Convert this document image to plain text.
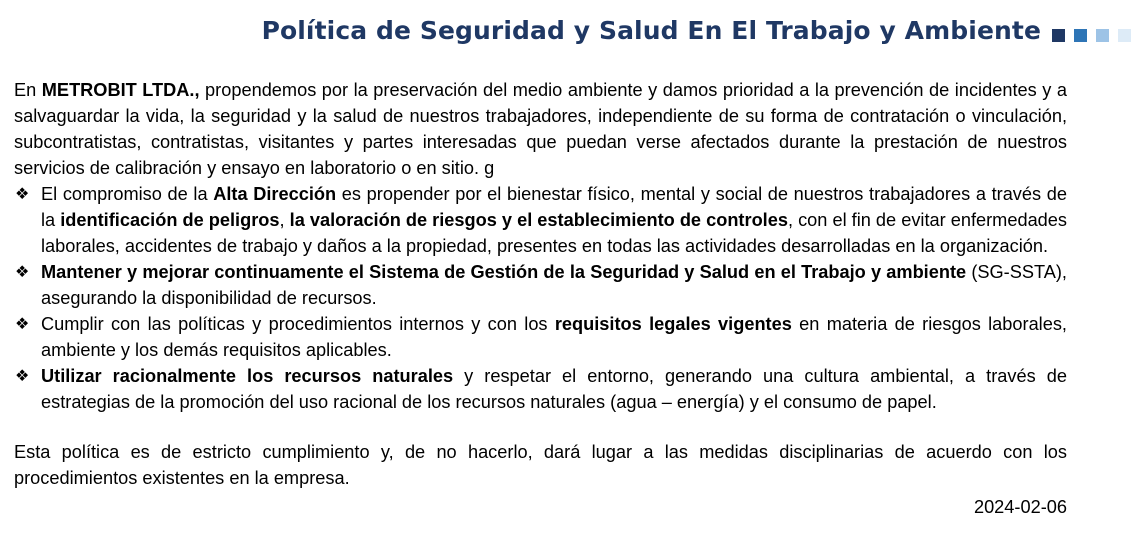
Política de Seguridad y Salud En El Trabajo y Ambiente

En METROBIT LTDA., propendemos por la preservación del medio ambiente y damos prioridad a la prevención de incidentes y a salvaguardar la vida, la seguridad y la salud de nuestros trabajadores, independiente de su forma de contratación o vinculación, subcontratistas, contratistas, visitantes y partes interesadas que puedan verse afectados durante la prestación de nuestros servicios de calibración y ensayo en laboratorio o en sitio. g

❖ El compromiso de la Alta Dirección es propender por el bienestar físico, mental y social de nuestros trabajadores a través de la identificación de peligros, la valoración de riesgos y el establecimiento de controles, con el fin de evitar enfermedades laborales, accidentes de trabajo y daños a la propiedad, presentes en todas las actividades desarrolladas en la organización.
❖ Mantener y mejorar continuamente el Sistema de Gestión de la Seguridad y Salud en el Trabajo y ambiente (SG-SSTA), asegurando la disponibilidad de recursos.
❖ Cumplir con las políticas y procedimientos internos y con los requisitos legales vigentes en materia de riesgos laborales, ambiente y los demás requisitos aplicables.
❖ Utilizar racionalmente los recursos naturales y respetar el entorno, generando una cultura ambiental, a través de estrategias de la promoción del uso racional de los recursos naturales (agua – energía) y el consumo de papel.

Esta política es de estricto cumplimiento y, de no hacerlo, dará lugar a las medidas disciplinarias de acuerdo con los procedimientos existentes en la empresa.

2024-02-06
